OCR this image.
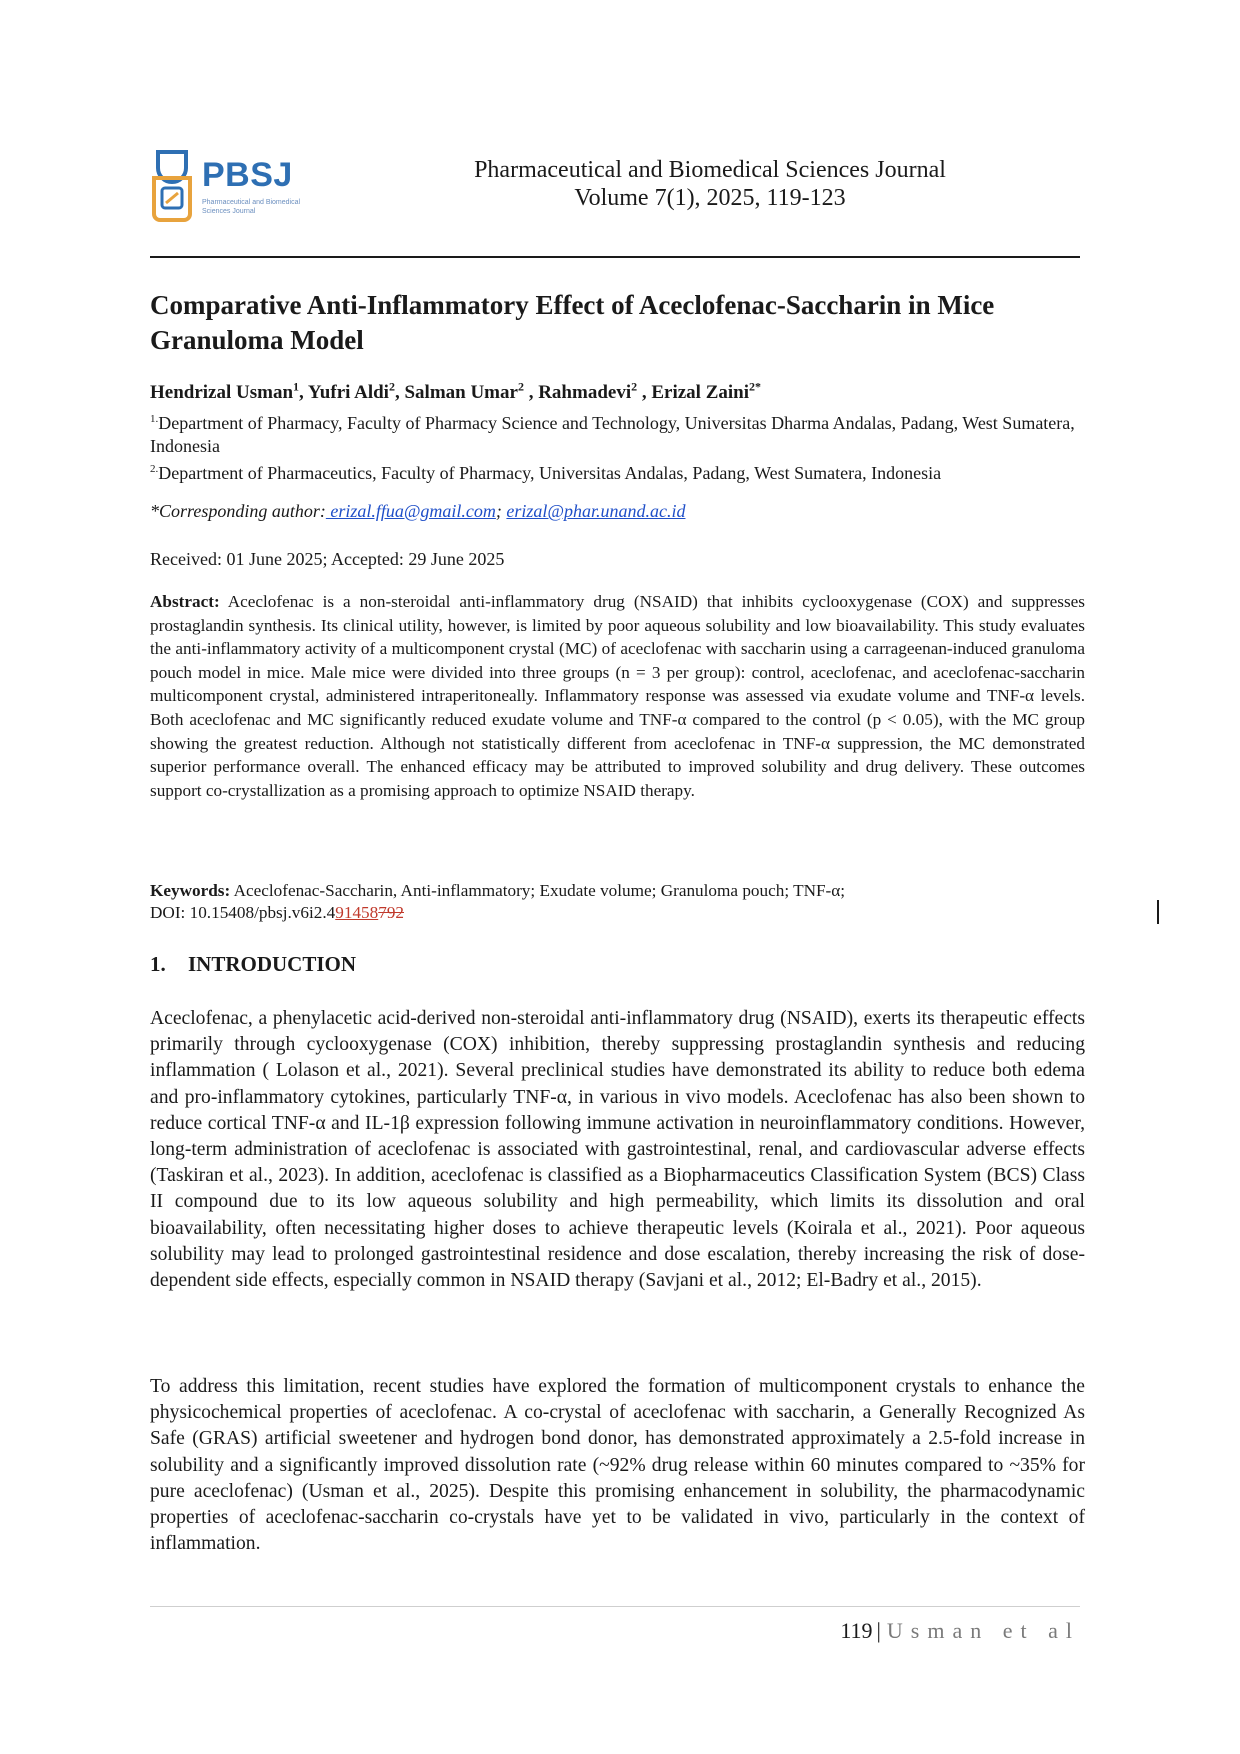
PBSJ
Pharmaceutical and Biomedical Sciences Journal
Pharmaceutical and Biomedical Sciences Journal
Volume 7(1), 2025, 119-123
Comparative Anti-Inflammatory Effect of Aceclofenac-Saccharin in Mice Granuloma Model
Hendrizal Usman$^1$, Yufri Aldi$^2$, Salman Umar$^2$ , Rahmadevi$^2$ , Erizal Zaini$^{2*}$
$^{1.}$Department of Pharmacy, Faculty of Pharmacy Science and Technology, Universitas Dharma Andalas, Padang, West Sumatera, Indonesia
$^{2.}$Department of Pharmaceutics, Faculty of Pharmacy, Universitas Andalas, Padang, West Sumatera, Indonesia
*Corresponding author: erizal.ffua@gmail.com; erizal@phar.unand.ac.id
Received: 01 June 2025; Accepted: 29 June 2025
Abstract: Aceclofenac is a non-steroidal anti-inflammatory drug (NSAID) that inhibits cyclooxygenase (COX) and suppresses prostaglandin synthesis. Its clinical utility, however, is limited by poor aqueous solubility and low bioavailability. This study evaluates the anti-inflammatory activity of a multicomponent crystal (MC) of aceclofenac with saccharin using a carrageenan-induced granuloma pouch model in mice. Male mice were divided into three groups (n = 3 per group): control, aceclofenac, and aceclofenac-saccharin multicomponent crystal, administered intraperitoneally. Inflammatory response was assessed via exudate volume and TNF-α levels. Both aceclofenac and MC significantly reduced exudate volume and TNF-α compared to the control (p < 0.05), with the MC group showing the greatest reduction. Although not statistically different from aceclofenac in TNF-α suppression, the MC demonstrated superior performance overall. The enhanced efficacy may be attributed to improved solubility and drug delivery. These outcomes support co-crystallization as a promising approach to optimize NSAID therapy.
Keywords: Aceclofenac-Saccharin, Anti-inflammatory; Exudate volume; Granuloma pouch; TNF-α;
DOI: 10.15408/pbsj.v6i2.491458792
1. INTRODUCTION
Aceclofenac, a phenylacetic acid-derived non-steroidal anti-inflammatory drug (NSAID), exerts its therapeutic effects primarily through cyclooxygenase (COX) inhibition, thereby suppressing prostaglandin synthesis and reducing inflammation ( Lolason et al., 2021). Several preclinical studies have demonstrated its ability to reduce both edema and pro-inflammatory cytokines, particularly TNF-α, in various in vivo models. Aceclofenac has also been shown to reduce cortical TNF-α and IL-1β expression following immune activation in neuroinflammatory conditions. However, long-term administration of aceclofenac is associated with gastrointestinal, renal, and cardiovascular adverse effects (Taskiran et al., 2023). In addition, aceclofenac is classified as a Biopharmaceutics Classification System (BCS) Class II compound due to its low aqueous solubility and high permeability, which limits its dissolution and oral bioavailability, often necessitating higher doses to achieve therapeutic levels (Koirala et al., 2021). Poor aqueous solubility may lead to prolonged gastrointestinal residence and dose escalation, thereby increasing the risk of dose-dependent side effects, especially common in NSAID therapy (Savjani et al., 2012; El-Badry et al., 2015).
To address this limitation, recent studies have explored the formation of multicomponent crystals to enhance the physicochemical properties of aceclofenac. A co-crystal of aceclofenac with saccharin, a Generally Recognized As Safe (GRAS) artificial sweetener and hydrogen bond donor, has demonstrated approximately a 2.5-fold increase in solubility and a significantly improved dissolution rate (~92% drug release within 60 minutes compared to ~35% for pure aceclofenac) (Usman et al., 2025). Despite this promising enhancement in solubility, the pharmacodynamic properties of aceclofenac-saccharin co-crystals have yet to be validated in vivo, particularly in the context of inflammation.
119 | Usman et al
